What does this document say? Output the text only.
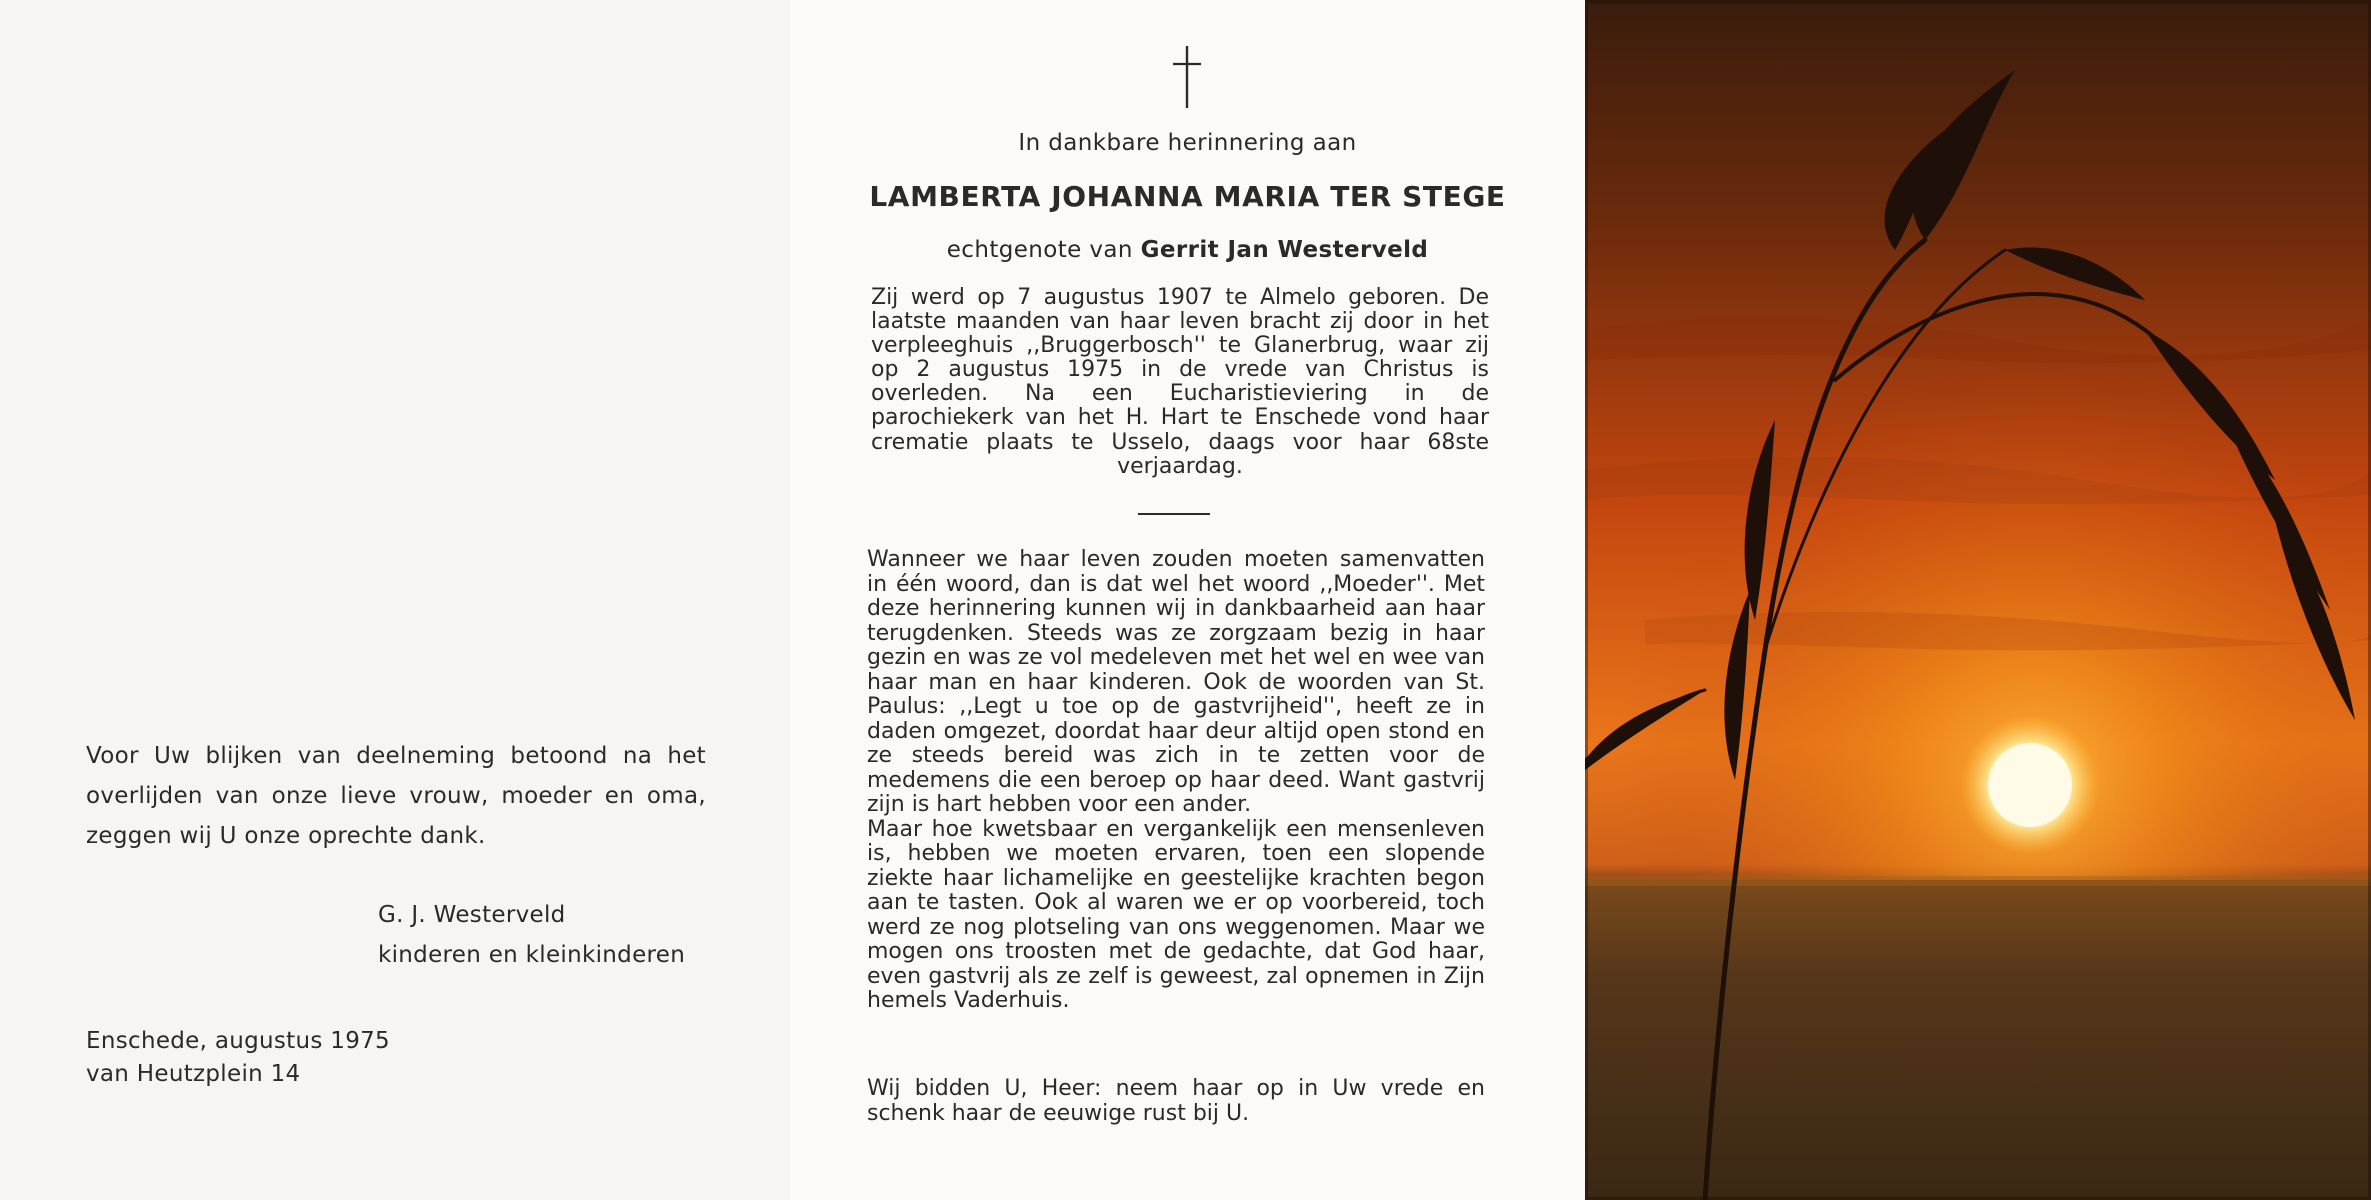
Voor Uw blijken van deelneming betoond na het overlijden van onze lieve vrouw, moeder en oma, zeggen wij U onze oprechte dank.

G. J. Westerveld
kinderen en kleinkinderen
Enschede, augustus 1975
van Heutzplein 14
In dankbare herinnering aan
LAMBERTA JOHANNA MARIA TER STEGE
echtgenote van Gerrit Jan Westerveld
Zij werd op 7 augustus 1907 te Almelo geboren. De laatste maanden van haar leven bracht zij door in het verpleeghuis ,,Bruggerbosch'' te Glanerbrug, waar zij op 2 augustus 1975 in de vrede van Christus is overleden. Na een Eucharistieviering in de parochiekerk van het H. Hart te Enschede vond haar crematie plaats te Usselo, daags voor haar 68ste verjaardag.

Wanneer we haar leven zouden moeten samenvatten in één woord, dan is dat wel het woord ,,Moeder''. Met deze herinnering kunnen wij in dankbaarheid aan haar terugdenken. Steeds was ze zorgzaam bezig in haar gezin en was ze vol medeleven met het wel en wee van haar man en haar kinderen. Ook de woorden van St. Paulus: ,,Legt u toe op de gastvrijheid'', heeft ze in daden omgezet, doordat haar deur altijd open stond en ze steeds bereid was zich in te zetten voor de medemens die een beroep op haar deed. Want gastvrij zijn is hart hebben voor een ander.

Maar hoe kwetsbaar en vergankelijk een mensenleven is, hebben we moeten ervaren, toen een slopende ziekte haar lichamelijke en geestelijke krachten begon aan te tasten. Ook al waren we er op voorbereid, toch werd ze nog plotseling van ons weggenomen. Maar we mogen ons troosten met de gedachte, dat God haar, even gastvrij als ze zelf is geweest, zal opnemen in Zijn hemels Vaderhuis.

Wij bidden U, Heer: neem haar op in Uw vrede en schenk haar de eeuwige rust bij U.
